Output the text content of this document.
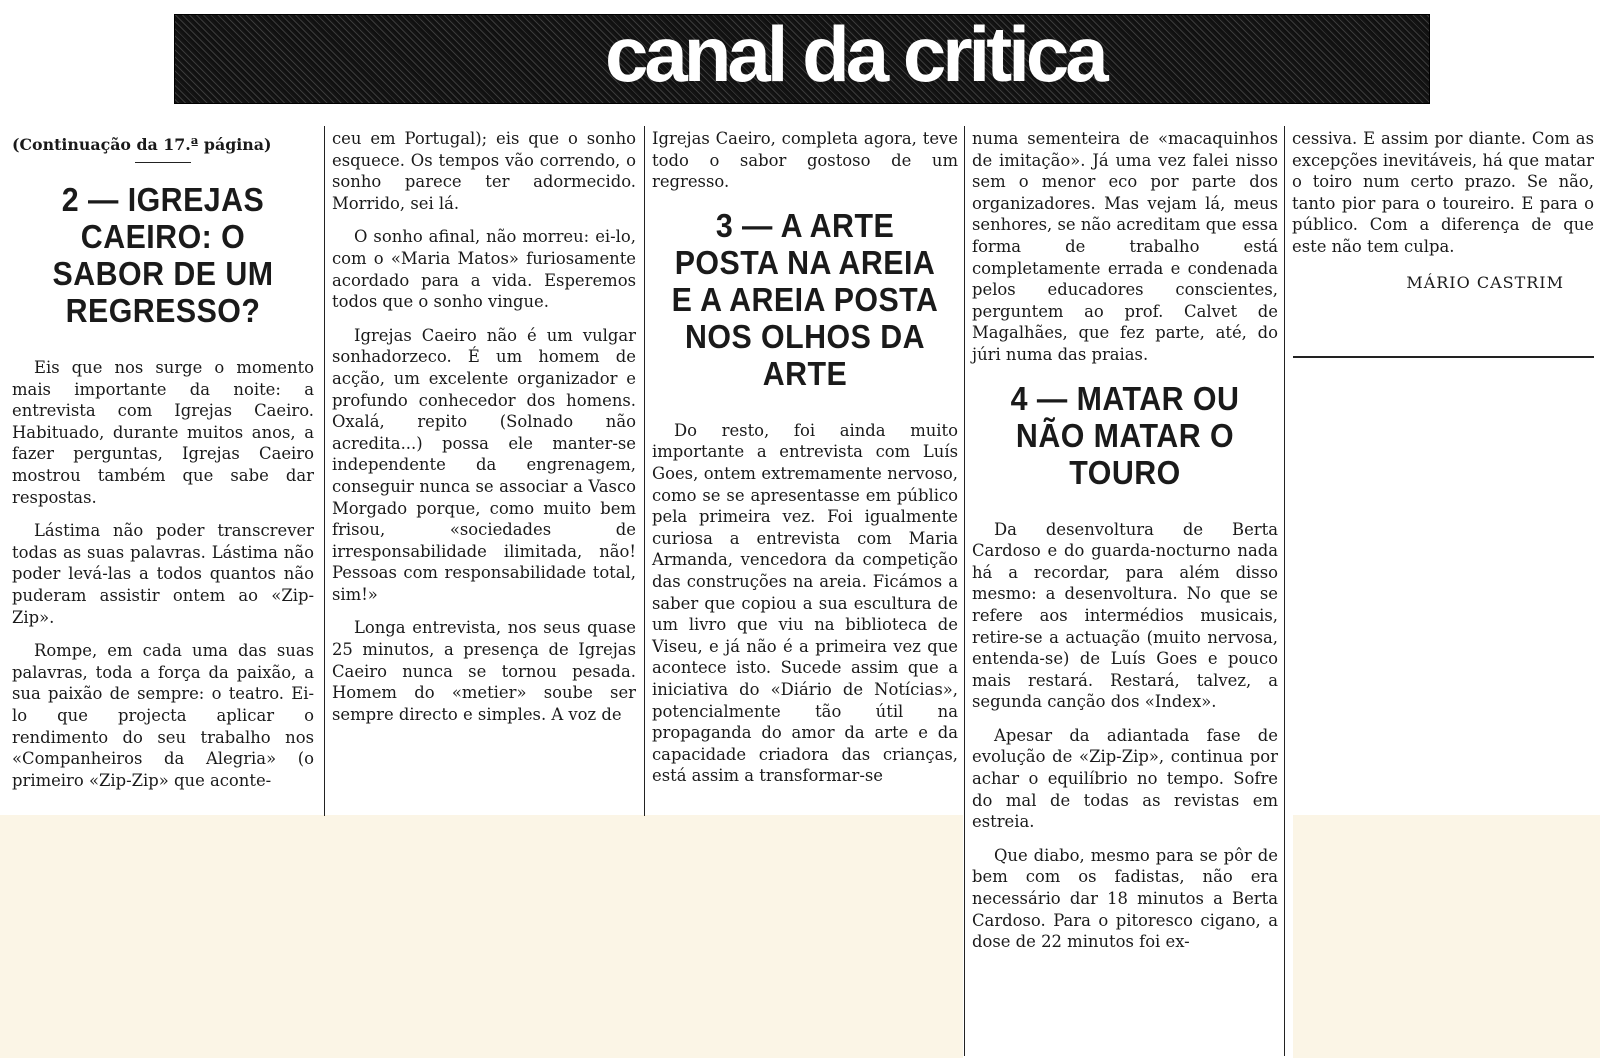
canal da critica
(Continuação da 17.ª página)
2 — IGREJAS CAEIRO: O SABOR DE UM REGRESSO?

Eis que nos surge o momento mais importante da noite: a entrevista com Igrejas Caeiro. Habituado, durante muitos anos, a fazer perguntas, Igrejas Caeiro mostrou também que sabe dar respostas.

Lástima não poder transcrever todas as suas palavras. Lástima não poder levá-las a todos quantos não puderam assistir ontem ao «Zip-Zip».

Rompe, em cada uma das suas palavras, toda a força da paixão, a sua paixão de sempre: o teatro. Ei-lo que projecta aplicar o rendimento do seu trabalho nos «Companheiros da Alegria» (o primeiro «Zip-Zip» que aconte-

ceu em Portugal); eis que o sonho esquece. Os tempos vão correndo, o sonho parece ter adormecido. Morrido, sei lá.

O sonho afinal, não morreu: ei-lo, com o «Maria Matos» furiosamente acordado para a vida. Esperemos todos que o sonho vingue.

Igrejas Caeiro não é um vulgar sonhadorzeco. É um homem de acção, um excelente organizador e profundo conhecedor dos homens. Oxalá, repito (Solnado não acredita...) possa ele manter-se independente da engrenagem, conseguir nunca se associar a Vasco Morgado porque, como muito bem frisou, «sociedades de irresponsabilidade ilimitada, não! Pessoas com responsabilidade total, sim!»

Longa entrevista, nos seus quase 25 minutos, a presença de Igrejas Caeiro nunca se tornou pesada. Homem do «metier» soube ser sempre directo e simples. A voz de

Igrejas Caeiro, completa agora, teve todo o sabor gostoso de um regresso.

3 — A ARTE POSTA NA AREIA E A AREIA POSTA NOS OLHOS DA ARTE

Do resto, foi ainda muito importante a entrevista com Luís Goes, ontem extremamente nervoso, como se se apresentasse em público pela primeira vez. Foi igualmente curiosa a entrevista com Maria Armanda, vencedora da competição das construções na areia. Ficámos a saber que copiou a sua escultura de um livro que viu na biblioteca de Viseu, e já não é a primeira vez que acontece isto. Sucede assim que a iniciativa do «Diário de Notícias», potencialmente tão útil na propaganda do amor da arte e da capacidade criadora das crianças, está assim a transformar-se

numa sementeira de «macaquinhos de imitação». Já uma vez falei nisso sem o menor eco por parte dos organizadores. Mas vejam lá, meus senhores, se não acreditam que essa forma de trabalho está completamente errada e condenada pelos educadores conscientes, perguntem ao prof. Calvet de Magalhães, que fez parte, até, do júri numa das praias.

4 — MATAR OU NÃO MATAR O TOURO

Da desenvoltura de Berta Cardoso e do guarda-nocturno nada há a recordar, para além disso mesmo: a desenvoltura. No que se refere aos intermédios musicais, retire-se a actuação (muito nervosa, entenda-se) de Luís Goes e pouco mais restará. Restará, talvez, a segunda canção dos «Index».

Apesar da adiantada fase de evolução de «Zip-Zip», continua por achar o equilíbrio no tempo. Sofre do mal de todas as revistas em estreia.

Que diabo, mesmo para se pôr de bem com os fadistas, não era necessário dar 18 minutos a Berta Cardoso. Para o pitoresco cigano, a dose de 22 minutos foi ex-

cessiva. E assim por diante. Com as excepções inevitáveis, há que matar o toiro num certo prazo. Se não, tanto pior para o toureiro. E para o público. Com a diferença de que este não tem culpa.

MÁRIO CASTRIM
